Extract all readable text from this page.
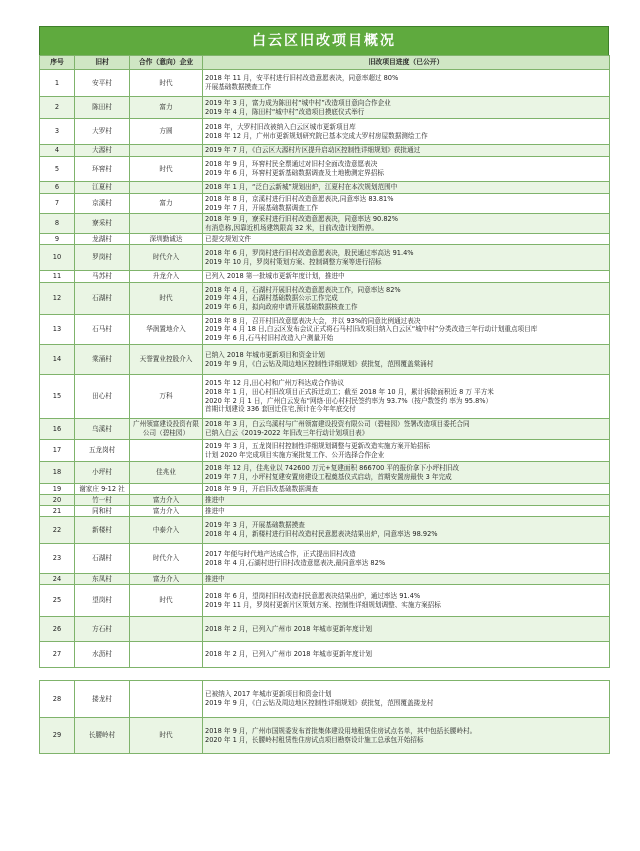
白云区旧改项目概况
序号	旧村	合作（意向）企业	旧改项目进度（已公开）
1	安平村	时代	2018 年 11 月，安平村进行旧村改造意愿表决，同意率超过 80%
开展基础数据摸查工作

2	陈田村	富力	2019 年 3 月，富力成为陈田村“城中村”改造项目意向合作企业
2019 年 4 月，陈田村“城中村”改造项目摸底仪式举行

3	大罗村	方圆	2018 年，大罗村旧改被纳入白云区城市更新项目库
2018 年 12 月，广州市更新规划研究院已基本完成大罗村房屋数据测绘工作

4	大源村		2019 年 7 月，《白云区大源村片区提升启动区控制性详细规划》获批通过

5	环窖村	时代	2018 年 9 月，环窖村民全票通过对旧村全面改造意愿表决
2019 年 6 月，环窖村更新基础数据调查及土地勘测定界招标

6	江夏村		2018 年 1 月，“泛白云新城”规划出炉，江夏村在本次规划范围中

7	京溪村	富力	2018 年 8 月，京溪村进行旧村改造意愿表决,同意率达 83.81%
2019 年 7 月，开展基础数据调查工作

8	寮采村		2018 年 9 月，寮采村进行旧村改造意愿表决，同意率达 90.82%
有消息称,因靠近机场建筑限高 32 米，目前改造计划暂停。

9	龙湖村	深圳勤诚达	已提交规划文件

10	罗岗村	时代介入	2018 年 6 月，罗岗村进行旧村改造意愿表决，股民通过率高达 91.4%
2019 年 10 月，罗岗村策划方案、控制调整方案等进行招标

11	马苏村	升龙介入	已列入 2018 第一批城市更新年度计划，推进中

12	石湖村	时代	2018 年 4 月，石湖村开展旧村改造意愿表决工作，同意率达 82%
2019 年 4 月，石湖村基础数据公示工作完成
2019 年 6 月，拟向政府申请开展基础数据核查工作

13	石马村	华润置地介入	2018 年 8 月，召开村旧改意愿表决大会，并以 93%的同意比例通过表决
2019 年 4 月 18 日,白云区发布会议正式将石马村旧改项目纳入白云区“城中村”分类改造三年行动计划重点项目库
2019 年 6 月,石马村旧村改造入户测量开始

14	棠涌村	天誉置业控股介入	已纳入 2018 年城市更新项目和资金计划
2019 年 9 月，《白云钻及周边地区控制性详细规划》获批复，范围覆盖棠涌村

15	田心村	万科	2015 年 12 月,田心村和广州万科达成合作协议
2018 年 1 月，田心村旧改项目正式拆迁动工；截至 2018 年 10 月，累计拆除面积近 8 万 平方米
2020 年 2 月 1 日，广州白云发布“网络·田心村村民签约率为 93.7%（按户数签约 率为 95.8%）
首期计划建设 336 套回迁住宅,预计在今年年底交付

16	乌溪村	广州领富建设投资有限公司（碧桂园）	2018 年 3 月，白云乌溪村与广州领富建设投资有限公司（碧桂园）签署改造项目委托合同
已纳入白云《2019-2022 年旧改三年行动计划项目表》

17	五龙岗村		2019 年 3 月，五龙岗旧村控制性详细规划调整与更新改造实施方案开始招标
计划 2020 年完成项目实施方案批复工作、公开选择合作企业

18	小坪村	佳兆业	2018 年 12 月，佳兆业以 742600 万元+复建面积 866700 平的报价拿下小坪村旧改
2019 年 7 月，小坪村复建安置房建设工程奠基仪式启动，首期安置房最快 3 年完成

19	谢家庄 9-12 社		2018 年 9 月，开启旧改基础数据调查

20	竹一村	富力介入	推进中

21	同和村	富力介入	推进中

22	新楼村	中泰介入	2019 年 3 月，开展基础数据摸查
2018 年 4 月，新楼村进行旧村改造村民意愿表决结果出炉，同意率达 98.92%

23	石湖村	时代介入	2017 年便与时代地产达成合作，正式提出旧村改造
2018 年 4 月,石湖村进行旧村改造意愿表决,最同意率达 82%

24	东凤村	富力介入	推进中

25	望岗村	时代	2018 年 6 月，望岗村旧村改造村民意愿表决结果出炉，通过率达 91.4%
2019 年 11 月，罗岗村更新片区策划方案、控制性详细规划调整、实施方案招标

26	方石村		2018 年 2 月，已列入广州市 2018 年城市更新年度计划

27	水沥村		2018 年 2 月，已列入广州市 2018 年城市更新年度计划
28	搂龙村		已被纳入 2017 年城市更新项目和资金计划
2019 年 9 月，《白云钻及周边地区控制性详细规划》获批复，范围覆盖搂龙村

29	长腰岭村	时代	2018 年 9 月，广州市国规委发布首批集体建设用地租赁住房试点名单，其中包括长腰岭村。
2020 年 1 月，长腰岭村租赁性住房试点项目勘察设计施工总承包开始招标
